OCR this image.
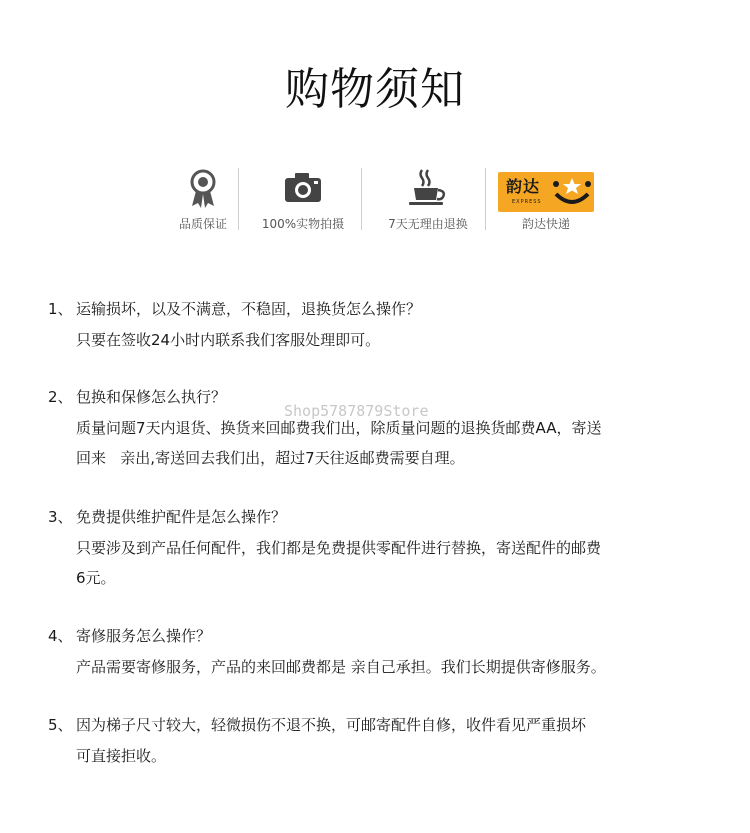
购物须知
品质保证	100%实物拍摄	7天无理由退换
韵达
EXPRESS
韵达快递
Shop5787879Store
1、 运输损坏，以及不满意，不稳固，退换货怎么操作？
只要在签收24小时内联系我们客服处理即可。
2、 包换和保修怎么执行？
质量问题7天内退货、换货来回邮费我们出，除质量问题的退换货邮费AA，寄送
回来   亲出,寄送回去我们出，超过7天往返邮费需要自理。
3、 免费提供维护配件是怎么操作？
只要涉及到产品任何配件，我们都是免费提供零配件进行替换，寄送配件的邮费
6元。
4、 寄修服务怎么操作？
产品需要寄修服务，产品的来回邮费都是 亲自己承担。我们长期提供寄修服务。
5、 因为梯子尺寸较大，轻微损伤不退不换，可邮寄配件自修，收件看见严重损坏
可直接拒收。
